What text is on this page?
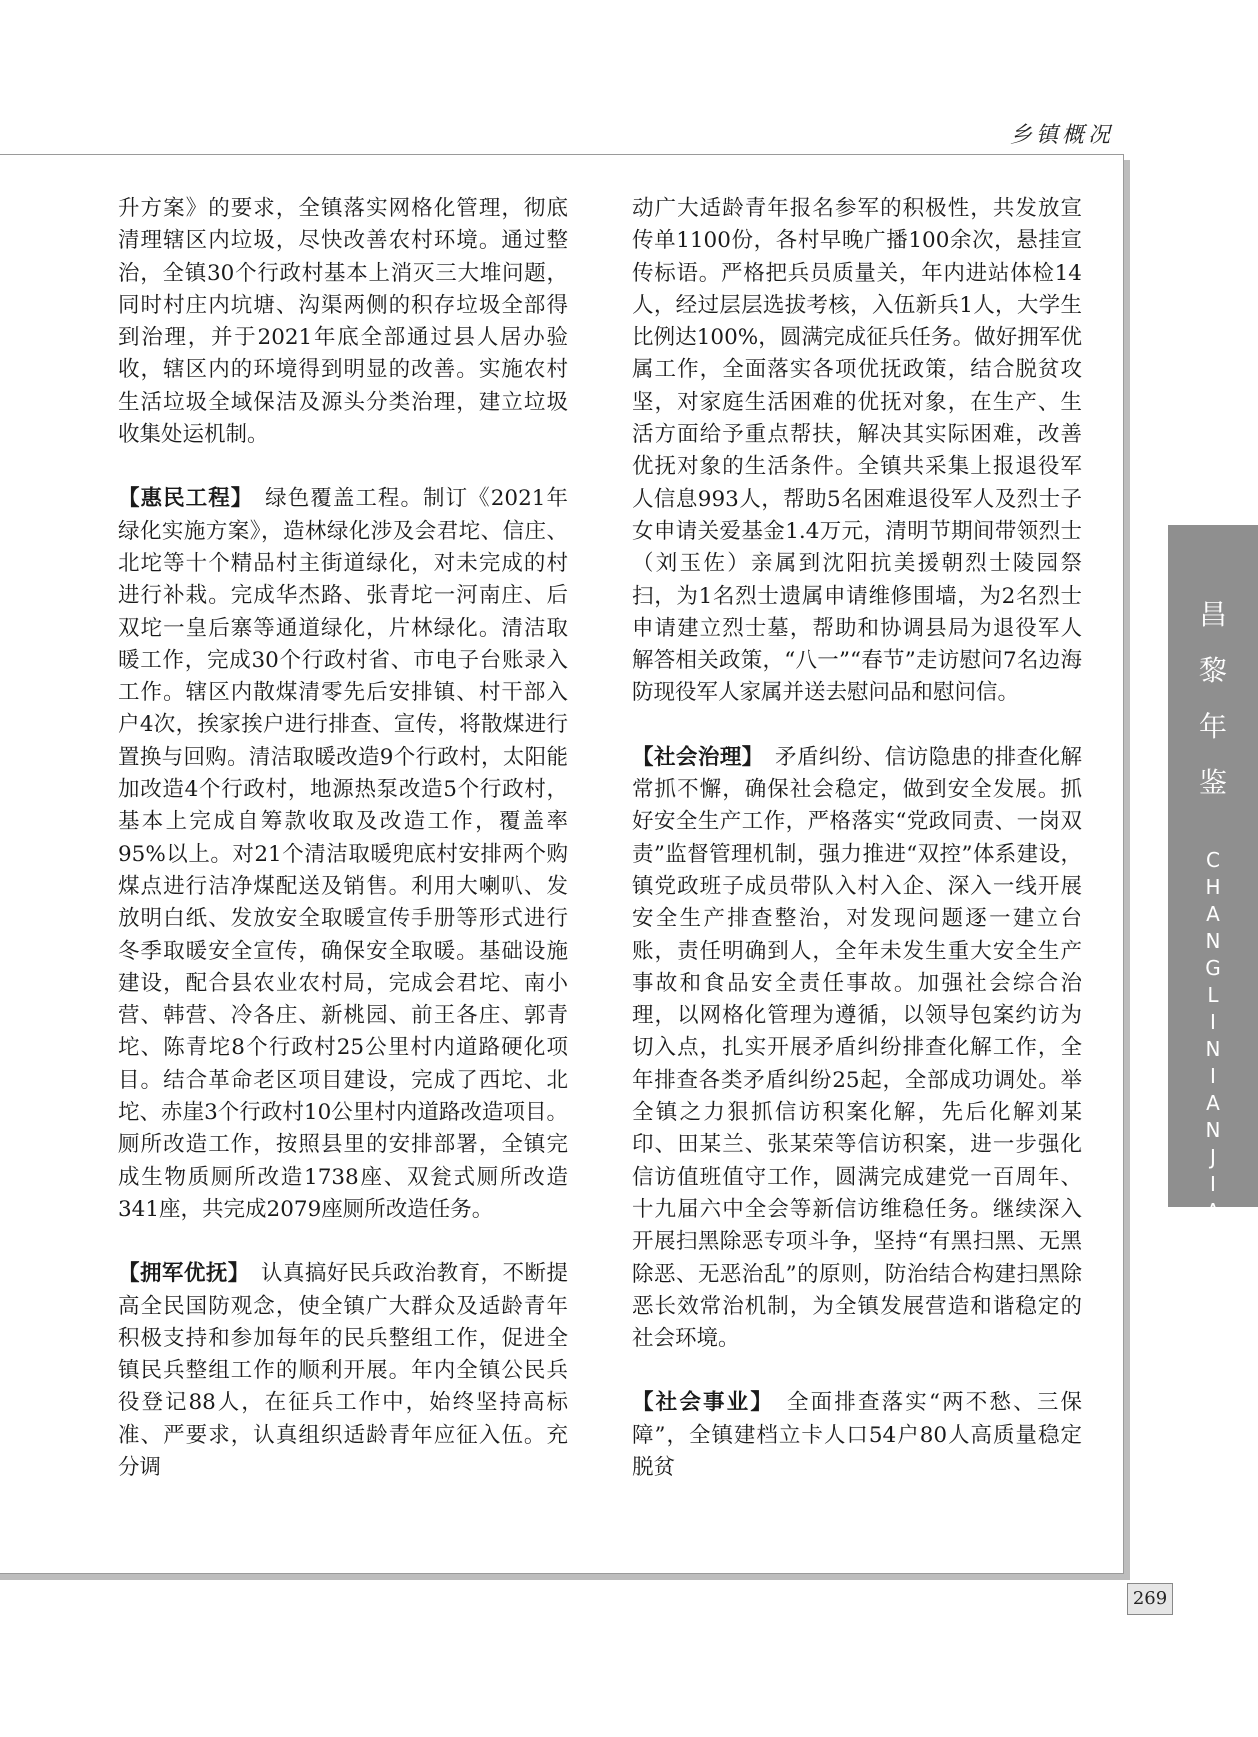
乡镇概况

升方案》的要求，全镇落实网格化管理，彻底清理辖区内垃圾，尽快改善农村环境。通过整治，全镇30个行政村基本上消灭三大堆问题，同时村庄内坑塘、沟渠两侧的积存垃圾全部得到治理，并于2021年底全部通过县人居办验收，辖区内的环境得到明显的改善。实施农村生活垃圾全域保洁及源头分类治理，建立垃圾收集处运机制。

【惠民工程】　绿色覆盖工程。制订《2021年绿化实施方案》，造林绿化涉及会君坨、信庄、北坨等十个精品村主街道绿化，对未完成的村进行补栽。完成华杰路、张青坨一河南庄、后双坨一皇后寨等通道绿化，片林绿化。清洁取暖工作，完成30个行政村省、市电子台账录入工作。辖区内散煤清零先后安排镇、村干部入户4次，挨家挨户进行排查、宣传，将散煤进行置换与回购。清洁取暖改造9个行政村，太阳能加改造4个行政村，地源热泵改造5个行政村，基本上完成自筹款收取及改造工作，覆盖率95%以上。对21个清洁取暖兜底村安排两个购煤点进行洁净煤配送及销售。利用大喇叭、发放明白纸、发放安全取暖宣传手册等形式进行冬季取暖安全宣传，确保安全取暖。基础设施建设，配合县农业农村局，完成会君坨、南小营、韩营、冷各庄、新桃园、前王各庄、郭青坨、陈青坨8个行政村25公里村内道路硬化项目。结合革命老区项目建设，完成了西坨、北坨、赤崖3个行政村10公里村内道路改造项目。厕所改造工作，按照县里的安排部署，全镇完成生物质厕所改造1738座、双瓮式厕所改造341座，共完成2079座厕所改造任务。

【拥军优抚】　认真搞好民兵政治教育，不断提高全民国防观念，使全镇广大群众及适龄青年积极支持和参加每年的民兵整组工作，促进全镇民兵整组工作的顺利开展。年内全镇公民兵役登记88人，在征兵工作中，始终坚持高标准、严要求，认真组织适龄青年应征入伍。充分调

动广大适龄青年报名参军的积极性，共发放宣传单1100份，各村早晚广播100余次，悬挂宣传标语。严格把兵员质量关，年内进站体检14人，经过层层选拔考核，入伍新兵1人，大学生比例达100%，圆满完成征兵任务。做好拥军优属工作，全面落实各项优抚政策，结合脱贫攻坚，对家庭生活困难的优抚对象，在生产、生活方面给予重点帮扶，解决其实际困难，改善优抚对象的生活条件。全镇共采集上报退役军人信息993人，帮助5名困难退役军人及烈士子女申请关爱基金1.4万元，清明节期间带领烈士（刘玉佐）亲属到沈阳抗美援朝烈士陵园祭扫，为1名烈士遗属申请维修围墙，为2名烈士申请建立烈士墓，帮助和协调县局为退役军人解答相关政策，“八一”“春节”走访慰问7名边海防现役军人家属并送去慰问品和慰问信。

【社会治理】　矛盾纠纷、信访隐患的排查化解常抓不懈，确保社会稳定，做到安全发展。抓好安全生产工作，严格落实“党政同责、一岗双责”监督管理机制，强力推进“双控”体系建设，镇党政班子成员带队入村入企、深入一线开展安全生产排查整治，对发现问题逐一建立台账，责任明确到人，全年未发生重大安全生产事故和食品安全责任事故。加强社会综合治理，以网格化管理为遵循，以领导包案约访为切入点，扎实开展矛盾纠纷排查化解工作，全年排查各类矛盾纠纷25起，全部成功调处。举全镇之力狠抓信访积案化解，先后化解刘某印、田某兰、张某荣等信访积案，进一步强化信访值班值守工作，圆满完成建党一百周年、十九届六中全会等新信访维稳任务。继续深入开展扫黑除恶专项斗争，坚持“有黑扫黑、无黑除恶、无恶治乱”的原则，防治结合构建扫黑除恶长效常治机制，为全镇发展营造和谐稳定的社会环境。

【社会事业】　全面排查落实“两不愁、三保障”，全镇建档立卡人口54户80人高质量稳定脱贫

昌
黎
年
鉴
C
H
A
N
G
L
I
N
I
A
N
J
I
A
N
269
